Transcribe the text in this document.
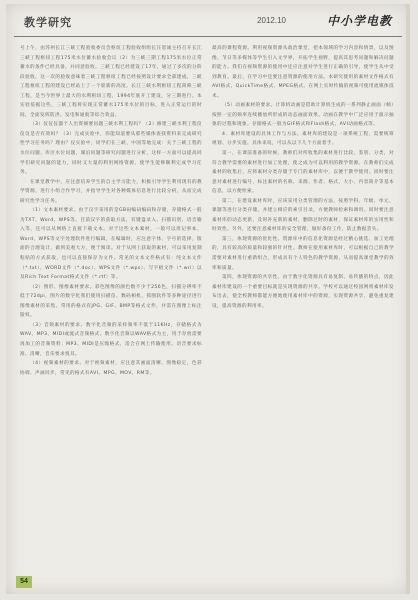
教学研究	2012.10	中小学电教

号上午，由苏州长江三峡工程验收委员会枢纽工程验收组组长汪恕诚主持召开长江三峡工程枢纽工程175米水位蓄水验收会议（2）为三峡三期工程175米水位正常蓄水的条件已经具备，并同意验收。三峡工程已经建设了17年，通过了多次的分阶段验收，这一次的验收意味着三峡工程枢纽工程已经按照设计要求全部建成，三峡工程枢纽工程的建设已经站上了一个崭新的高度。长江三峡水利枢纽工程简称三峡工程，是当今世界上最大的水利枢纽工程，1994年底开工建设，分三期进行。本实验依据这些，三峡工程将实现正常蓄水175米水位的目标，进入正常运行的时间，全面发挥防洪、发电和通航等综合效益。

（3）仪仪仪器个人出资摘要问题三峡水利工程吗？（2）修建三峡水利工程仪仪仪是否有效吗？（3）完成实验中，你能知道要从那些媒体查找资料来完成研究性学习任务吗？理由？仪实验中，同学们在三峡、中国等地完成：关于三峡工程的水位问题、库区水位问题、湖泊问题等研究问题进行分析，这样一方面可以提高同学们研究问题的能力，同时又大量的利用网络资源，使学生能够顺利完成学习任务。

在课堂教学中，应注意培养学生的自主学习能力，积极引导学生利用现有的教学资源，进行小组合作学习，并指导学生对各种媒体信息进行比较分析，从而完成研究性学习任务。

（1）文本素材要求。由于汉字采用的是GB码编码编码和存储，存储格式一般为TXT、Word、WPS等。目前汉字的获取方法，有键盘录入、扫描识别、语音输入等，还可以从网络上直接下载文本。对于这些文本素材，一般可以用记事本、Word、WPS等文字处理软件进行编辑，在编辑时，应注意字体、字号的选择，版面的合理设计，做到美观大方，便于阅读。对于从网上获取的素材，可以采用复制粘贴的方式获取，也可以直接保存为文件。常见的文本文件格式有：纯文本文件（*.txt）、WORD文件（*.doc）、WPS文件（*.wps）、写字板文件（*.wri）以及Rich Text Format格式文件（*.rtf）等。

（2）图形、图像素材要求。彩色图像的颜色数不少于256色，扫描分辨率不低于72dpi，图片的数字化我们使用扫描仪、数码相机、抓图软件等多种途径进行图像素材的采集。常用的格式有JPG、GIF、BMP等格式文件，并需在图像上标注版权。

（3）音频素材的要求。数字化音频的采样频率不低于11KHz，存储格式为WAV、MP3、MIDI或流式音频格式。数字化音频以WAV格式为主，用于存放需要再加工的音频资料；MP3、MIDI是压缩格式，适合在网上传输使用。语音要求标准、清晰，音乐要求悦耳。

（4）视频素材的要求。对于视频素材，应注意其画面清晰、图像稳定、色彩协调、声画同步，常见的格式有AVI、MPG、MOV、RM等。

最高的课程资源。利用视频资源从政治课堂，把本领域的学习内容和情景，以及图像、节日等多媒体等学生引入文学界，开拓学生视野，提高其思考问题和解决问题的能力。我们在视频资源的使用中还应注意对学生进行正确的引导，使学生从中受到教育。最后，在学习中还要注意资源的使用方法。本研究使用的素材文件格式有AVI格式、QuickTime格式、MPEG格式。在网上实时传输的视频可使用流媒体技术。

（5）动画素材的要求。计算机动画是借助计算机生成的一系列静止画面（帧）按照一定的频率连续播放所形成的动态画面效果。动画在教学中广泛应用于演示抽象的过程和现象。存储格式一般为GIF格式和Flash格式、AVI动画格式等。

4．素材库建设的具体工作与方法。素材库的建设是一项系统工程，需要统筹规划、分步实施。具体来说，可以从以下几个方面着手。

第一，在课前准备的时候，教师们对所收集的素材进行比较、鉴别、分类，对符合教学需要的素材进行加工处理，使之成为可以利用的教学资源。在教师们完成素材的收集后，应将素材分类存储于专门的素材库中，以便于教学使用。同时要注意对素材进行编号，标注素材的名称、来源、作者、格式、大小、内容简介等基本信息，以方便检索。

第二，在建设素材库时，应该采用分类管理的方法，按照学科、年级、单元、课题等进行分类存储，并建立相应的索引目录，方便教师检索和调用。同时要注意素材库的动态更新，及时补充新的素材，删除过时的素材，保证素材库的实用性和时效性。另外，还要注意素材库的安全管理，做好备份工作，防止数据丢失。

第三，体现资源的优化性。资源库中的信息化资源是经过精心挑选、加工处理的，具有较高的质量和较强的针对性。教师在使用素材库时，可以根据自己的教学需要对素材进行重新组合，形成具有个人特色的教学资源，从而提高课堂教学的效率和质量。

第四，体现资源的共享性。由于数字化资源具有易复制、易传播的特点，因此素材库建设的一个重要目标就是实现资源的共享。学校可以通过校园网将素材库发布出去，使全校教师都能方便地使用素材库中的资源，实现资源共享，避免重复建设，提高资源的利用率。

54
